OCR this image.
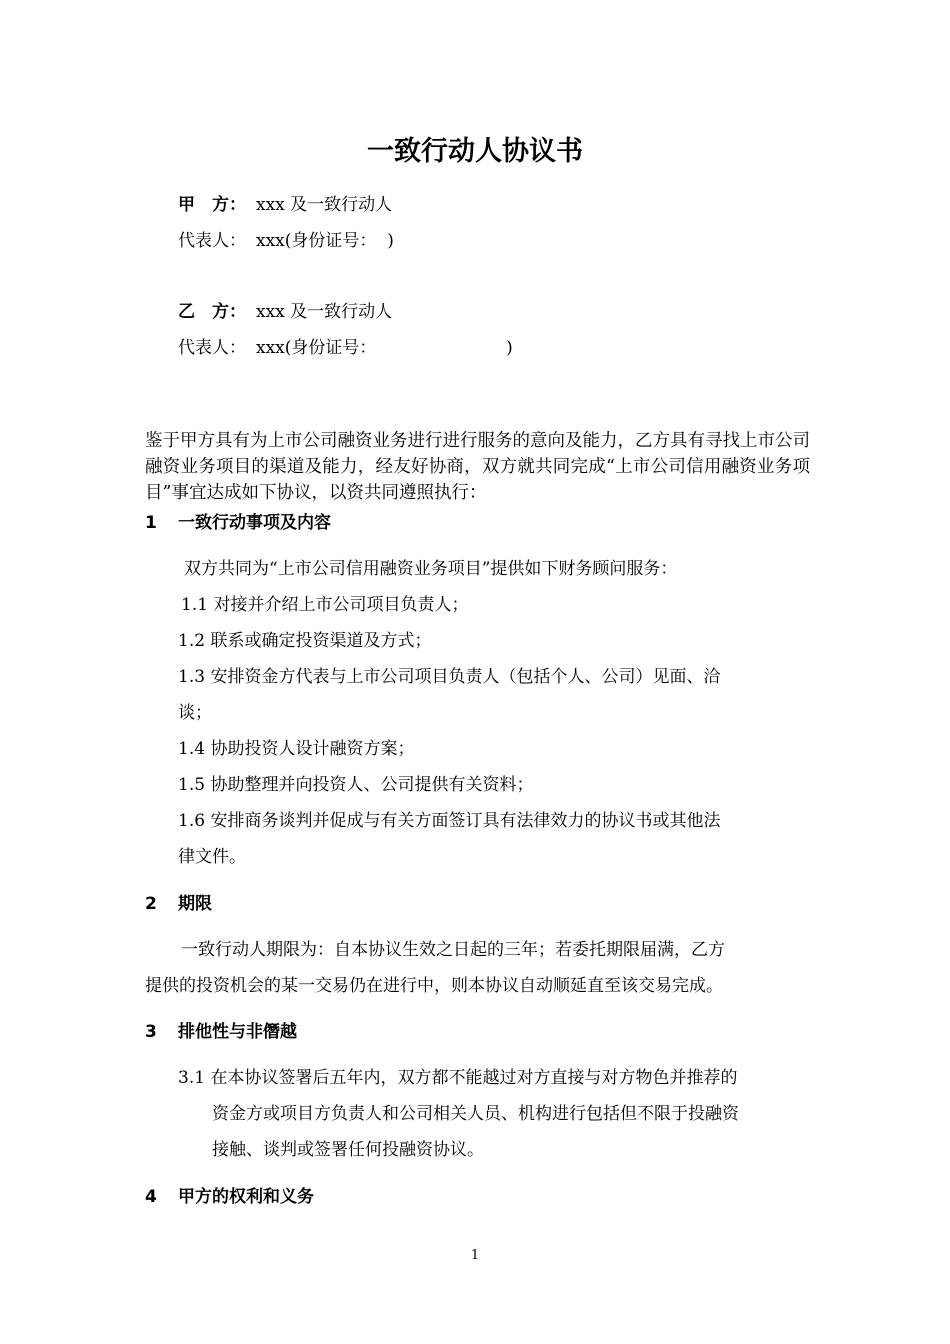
一致行动人协议书
甲　方： xxx 及一致行动人
代表人： xxx(身份证号：  )
乙　方： xxx 及一致行动人
代表人： xxx(身份证号：                        )
鉴于甲方具有为上市公司融资业务进行进行服务的意向及能力，乙方具有寻找上市公司融资业务项目的渠道及能力，经友好协商，双方就共同完成“上市公司信用融资业务项目”事宜达成如下协议，以资共同遵照执行：
1 一致行动事项及内容
双方共同为“上市公司信用融资业务项目”提供如下财务顾问服务：
1.1 对接并介绍上市公司项目负责人；
1.2 联系或确定投资渠道及方式；
1.3 安排资金方代表与上市公司项目负责人（包括个人、公司）见面、洽
谈；
1.4 协助投资人设计融资方案；
1.5 协助整理并向投资人、公司提供有关资料；
1.6 安排商务谈判并促成与有关方面签订具有法律效力的协议书或其他法
律文件。
2 期限
一致行动人期限为：自本协议生效之日起的三年；若委托期限届满，乙方
提供的投资机会的某一交易仍在进行中，则本协议自动顺延直至该交易完成。
3 排他性与非僭越
3.1 在本协议签署后五年内，双方都不能越过对方直接与对方物色并推荐的
资金方或项目方负责人和公司相关人员、机构进行包括但不限于投融资
接触、谈判或签署任何投融资协议。
4 甲方的权利和义务
1
